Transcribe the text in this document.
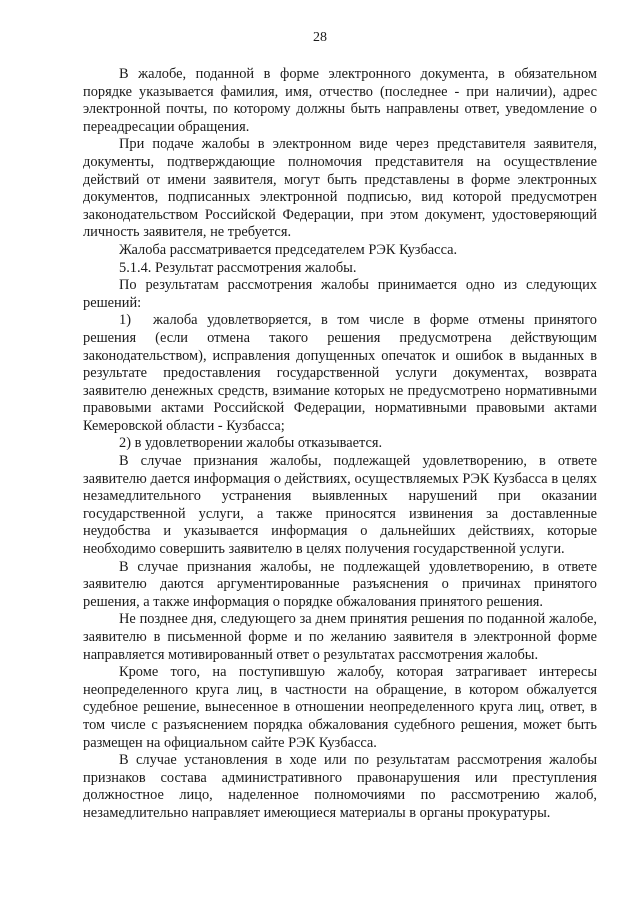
28

В жалобе, поданной в форме электронного документа, в обязательном порядке указывается фамилия, имя, отчество (последнее - при наличии), адрес электронной почты, по которому должны быть направлены ответ, уведомление о переадресации обращения.

При подаче жалобы в электронном виде через представителя заявителя, документы, подтверждающие полномочия представителя на осуществление действий от имени заявителя, могут быть представлены в форме электронных документов, подписанных электронной подписью, вид которой предусмотрен законодательством Российской Федерации, при этом документ, удостоверяющий личность заявителя, не требуется.

Жалоба рассматривается председателем РЭК Кузбасса.

5.1.4. Результат рассмотрения жалобы.

По результатам рассмотрения жалобы принимается одно из следующих решений:

1) жалоба удовлетворяется, в том числе в форме отмены принятого решения (если отмена такого решения предусмотрена действующим законодательством), исправления допущенных опечаток и ошибок в выданных в результате предоставления государственной услуги документах, возврата заявителю денежных средств, взимание которых не предусмотрено нормативными правовыми актами Российской Федерации, нормативными правовыми актами Кемеровской области - Кузбасса;

2) в удовлетворении жалобы отказывается.

В случае признания жалобы, подлежащей удовлетворению, в ответе заявителю дается информация о действиях, осуществляемых РЭК Кузбасса в целях незамедлительного устранения выявленных нарушений при оказании государственной услуги, а также приносятся извинения за доставленные неудобства и указывается информация о дальнейших действиях, которые необходимо совершить заявителю в целях получения государственной услуги.

В случае признания жалобы, не подлежащей удовлетворению, в ответе заявителю даются аргументированные разъяснения о причинах принятого решения, а также информация о порядке обжалования принятого решения.

Не позднее дня, следующего за днем принятия решения по поданной жалобе, заявителю в письменной форме и по желанию заявителя в электронной форме направляется мотивированный ответ о результатах рассмотрения жалобы.

Кроме того, на поступившую жалобу, которая затрагивает интересы неопределенного круга лиц, в частности на обращение, в котором обжалуется судебное решение, вынесенное в отношении неопределенного круга лиц, ответ, в том числе с разъяснением порядка обжалования судебного решения, может быть размещен на официальном сайте РЭК Кузбасса.

В случае установления в ходе или по результатам рассмотрения жалобы признаков состава административного правонарушения или преступления должностное лицо, наделенное полномочиями по рассмотрению жалоб, незамедлительно направляет имеющиеся материалы в органы прокуратуры.
